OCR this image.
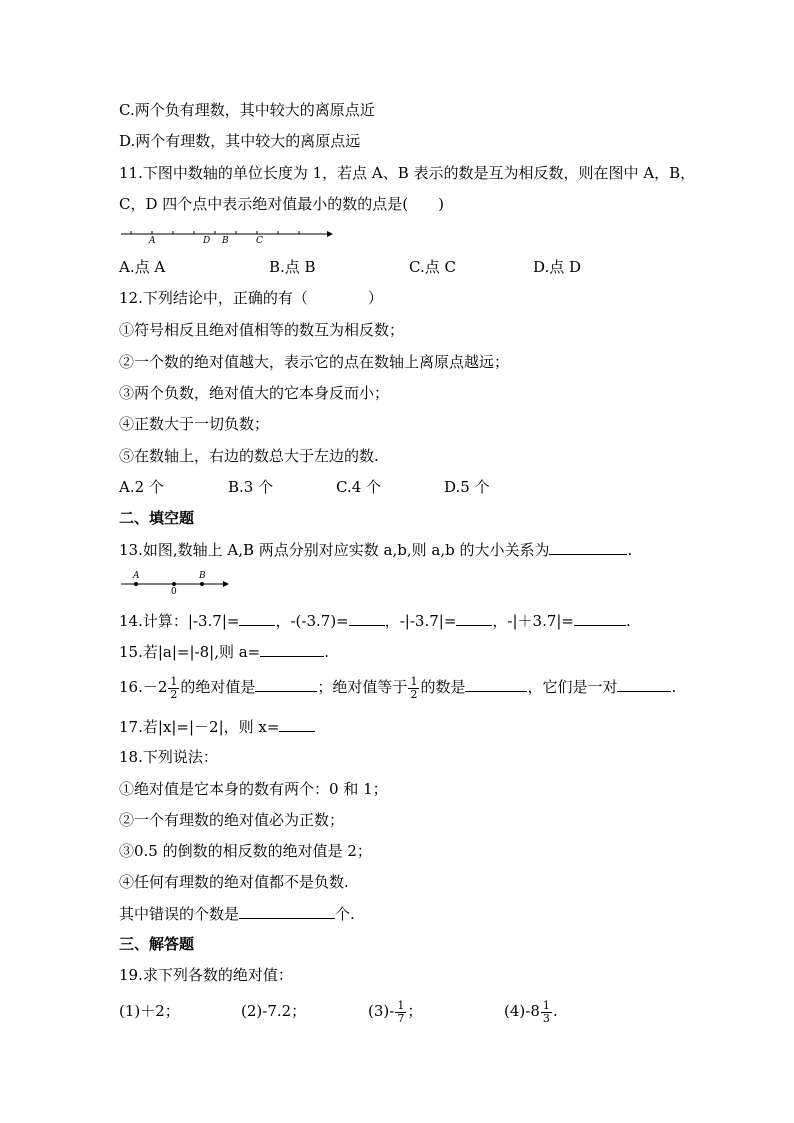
C.两个负有理数，其中较大的离原点近
D.两个有理数，其中较大的离原点远
11.下图中数轴的单位长度为 1，若点 A、B 表示的数是互为相反数，则在图中 A，B，
C，D 四个点中表示绝对值最小的数的点是(　　)
A	D B	C
A.点 A	B.点 B	C.点 C	D.点 D
12.下列结论中，正确的有（　　　　）
①符号相反且绝对值相等的数互为相反数；
②一个数的绝对值越大，表示它的点在数轴上离原点越远；
③两个负数，绝对值大的它本身反而小；
④正数大于一切负数；
⑤在数轴上，右边的数总大于左边的数.
A.2 个	B.3 个	C.4 个	D.5 个
二、填空题
13.如图,数轴上 A,B 两点分别对应实数 a,b,则 a,b 的大小关系为	.
A
0
B
14.计算：|-3.7|= ，-(-3.7)= ，-|-3.7|= ，-|＋3.7|=	.
15.若|a|=|-8|,则 a=	.
$16.-2 \frac{1}{2}$ 的绝对值是	；绝对值等于 $\frac{1}{2}$ 的数是	，它们是一对	.
17.若|x|=|－2|，则 x=
18.下列说法：
①绝对值是它本身的数有两个：0 和 1；
②一个有理数的绝对值必为正数；
③0.5 的倒数的相反数的绝对值是 2；
④任何有理数的绝对值都不是负数.
其中错误的个数是	个.
三、解答题
19.求下列各数的绝对值：
(1)＋2；	(2)-7.2；	$(3)- \frac{1}{7}$ ；	$(4)-8 \frac{1}{3}$ .
